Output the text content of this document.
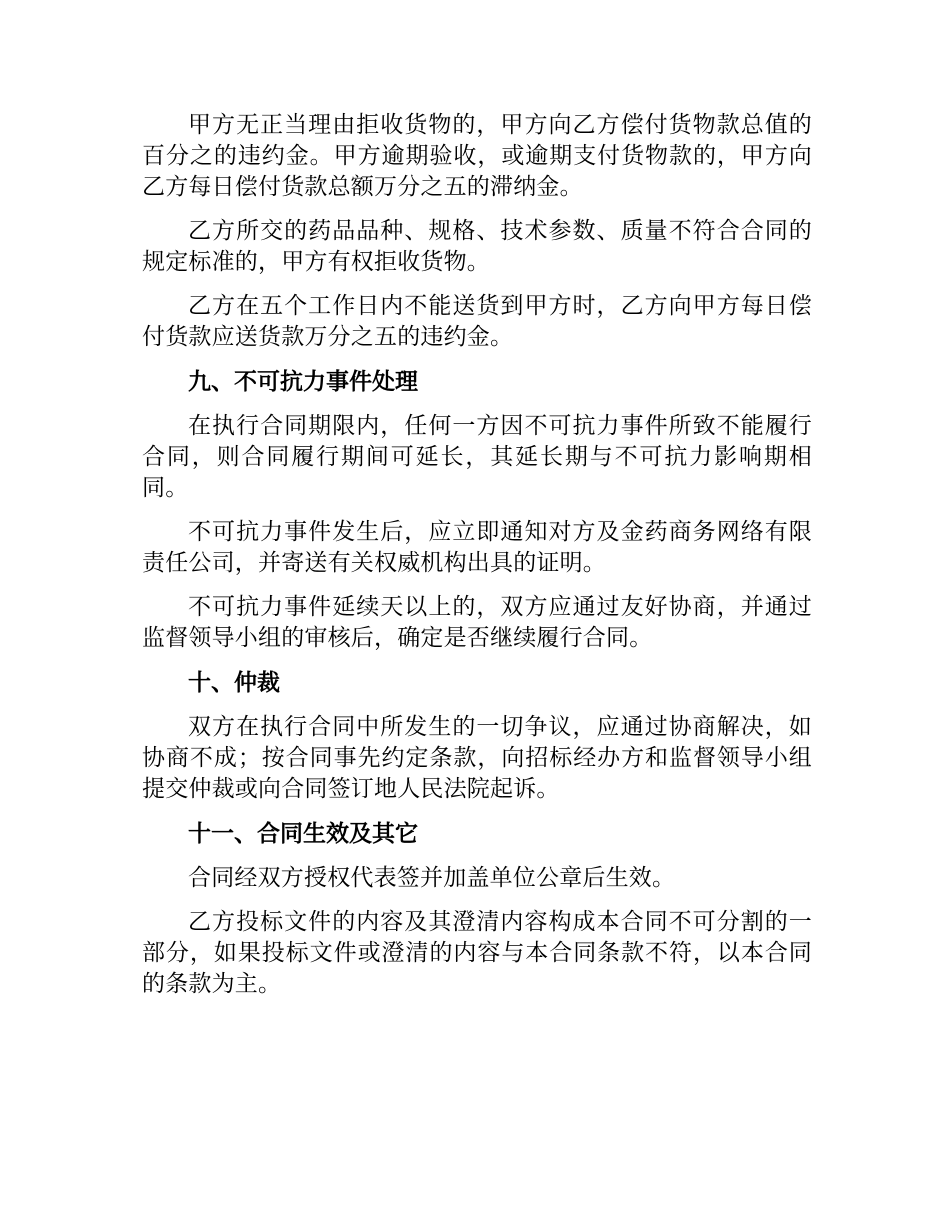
甲方无正当理由拒收货物的，甲方向乙方偿付货物款总值的百分之的违约金。甲方逾期验收，或逾期支付货物款的，甲方向乙方每日偿付货款总额万分之五的滞纳金。

乙方所交的药品品种、规格、技术参数、质量不符合合同的规定标准的，甲方有权拒收货物。

乙方在五个工作日内不能送货到甲方时，乙方向甲方每日偿付货款应送货款万分之五的违约金。

九、不可抗力事件处理

在执行合同期限内，任何一方因不可抗力事件所致不能履行合同，则合同履行期间可延长，其延长期与不可抗力影响期相同。

不可抗力事件发生后，应立即通知对方及金药商务网络有限责任公司，并寄送有关权威机构出具的证明。

不可抗力事件延续天以上的，双方应通过友好协商，并通过监督领导小组的审核后，确定是否继续履行合同。

十、仲裁

双方在执行合同中所发生的一切争议，应通过协商解决，如协商不成；按合同事先约定条款，向招标经办方和监督领导小组提交仲裁或向合同签订地人民法院起诉。

十一、合同生效及其它

合同经双方授权代表签并加盖单位公章后生效。

乙方投标文件的内容及其澄清内容构成本合同不可分割的一部分，如果投标文件或澄清的内容与本合同条款不符，以本合同的条款为主。
